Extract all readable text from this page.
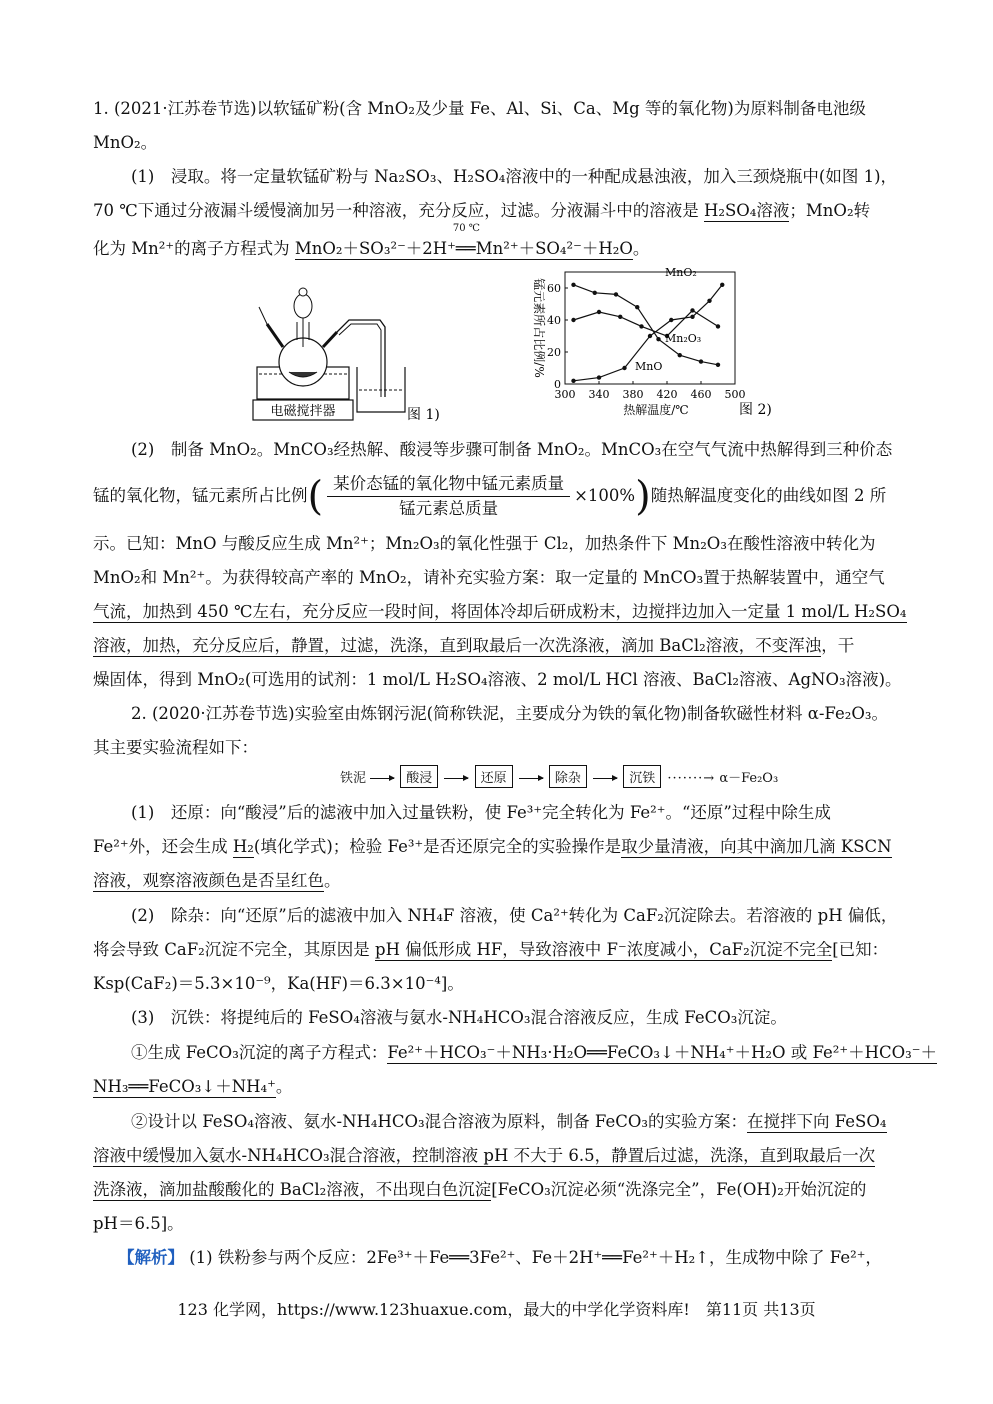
1. (2021·江苏卷节选)以软锰矿粉(含 MnO₂及少量 Fe、Al、Si、Ca、Mg 等的氧化物)为原料制备电池级
MnO₂。
(1)　浸取。将一定量软锰矿粉与 Na₂SO₃、H₂SO₄溶液中的一种配成悬浊液，加入三颈烧瓶中(如图 1)，
70 ℃下通过分液漏斗缓慢滴加另一种溶液，充分反应，过滤。分液漏斗中的溶液是 H₂SO₄溶液；MnO₂转
化为 Mn²⁺的离子方程式为
70 ℃
MnO₂＋SO₃²⁻＋2H⁺══Mn²⁺＋SO₄²⁻＋H₂O。
电磁搅拌器	图 1)
300 340 380 420 460 500
0
20
40
60
热解温度/℃
锰元素所占比例/%
MnO₂
Mn₂O₃
MnO
图 2)
(2)　制备 MnO₂。MnCO₃经热解、酸浸等步骤可制备 MnO₂。MnCO₃在空气气流中热解得到三种价态
锰的氧化物，锰元素所占比例( $\frac{\text{某价态锰的氧化物中锰元素质量}}{\text{锰元素总质量}} \times 100\%$)随热解温度变化的曲线如图 2 所
示。已知：MnO 与酸反应生成 Mn²⁺；Mn₂O₃的氧化性强于 Cl₂，加热条件下 Mn₂O₃在酸性溶液中转化为
MnO₂和 Mn²⁺。为获得较高产率的 MnO₂，请补充实验方案：取一定量的 MnCO₃置于热解装置中，通空气
气流，加热到 450 ℃左右，充分反应一段时间，将固体冷却后研成粉末，边搅拌边加入一定量 1 mol/L H₂SO₄
溶液，加热，充分反应后，静置，过滤，洗涤，直到取最后一次洗涤液，滴加 BaCl₂溶液，不变浑浊，干
燥固体，得到 MnO₂(可选用的试剂：1 mol/L H₂SO₄溶液、2 mol/L HCl 溶液、BaCl₂溶液、AgNO₃溶液)。
2. (2020·江苏卷节选)实验室由炼钢污泥(简称铁泥，主要成分为铁的氧化物)制备软磁性材料 α-Fe₂O₃。
其主要实验流程如下：
铁泥	酸浸	还原	除杂	沉铁 ·······→ α－Fe₂O₃
(1)　还原：向“酸浸”后的滤液中加入过量铁粉，使 Fe³⁺完全转化为 Fe²⁺。“还原”过程中除生成
Fe²⁺外，还会生成 H₂(填化学式)；检验 Fe³⁺是否还原完全的实验操作是取少量清液，向其中滴加几滴 KSCN
溶液，观察溶液颜色是否呈红色。
(2)　除杂：向“还原”后的滤液中加入 NH₄F 溶液，使 Ca²⁺转化为 CaF₂沉淀除去。若溶液的 pH 偏低，
将会导致 CaF₂沉淀不完全，其原因是 pH 偏低形成 HF，导致溶液中 F⁻浓度减小，CaF₂沉淀不完全[已知：
Ksp(CaF₂)＝5.3×10⁻⁹，Ka(HF)＝6.3×10⁻⁴]。
(3)　沉铁：将提纯后的 FeSO₄溶液与氨水-NH₄HCO₃混合溶液反应，生成 FeCO₃沉淀。
①生成 FeCO₃沉淀的离子方程式：Fe²⁺＋HCO₃⁻＋NH₃·H₂O══FeCO₃↓＋NH₄⁺＋H₂O 或 Fe²⁺＋HCO₃⁻＋
NH₃══FeCO₃↓＋NH₄⁺。
②设计以 FeSO₄溶液、氨水-NH₄HCO₃混合溶液为原料，制备 FeCO₃的实验方案：在搅拌下向 FeSO₄
溶液中缓慢加入氨水-NH₄HCO₃混合溶液，控制溶液 pH 不大于 6.5，静置后过滤，洗涤，直到取最后一次
洗涤液，滴加盐酸酸化的 BaCl₂溶液，不出现白色沉淀[FeCO₃沉淀必须“洗涤完全”，Fe(OH)₂开始沉淀的
pH＝6.5]。
【解析】 (1) 铁粉参与两个反应：2Fe³⁺＋Fe══3Fe²⁺、Fe＋2H⁺══Fe²⁺＋H₂↑，生成物中除了 Fe²⁺，
123 化学网，https://www.123huaxue.com，最大的中学化学资料库!　第11页 共13页
